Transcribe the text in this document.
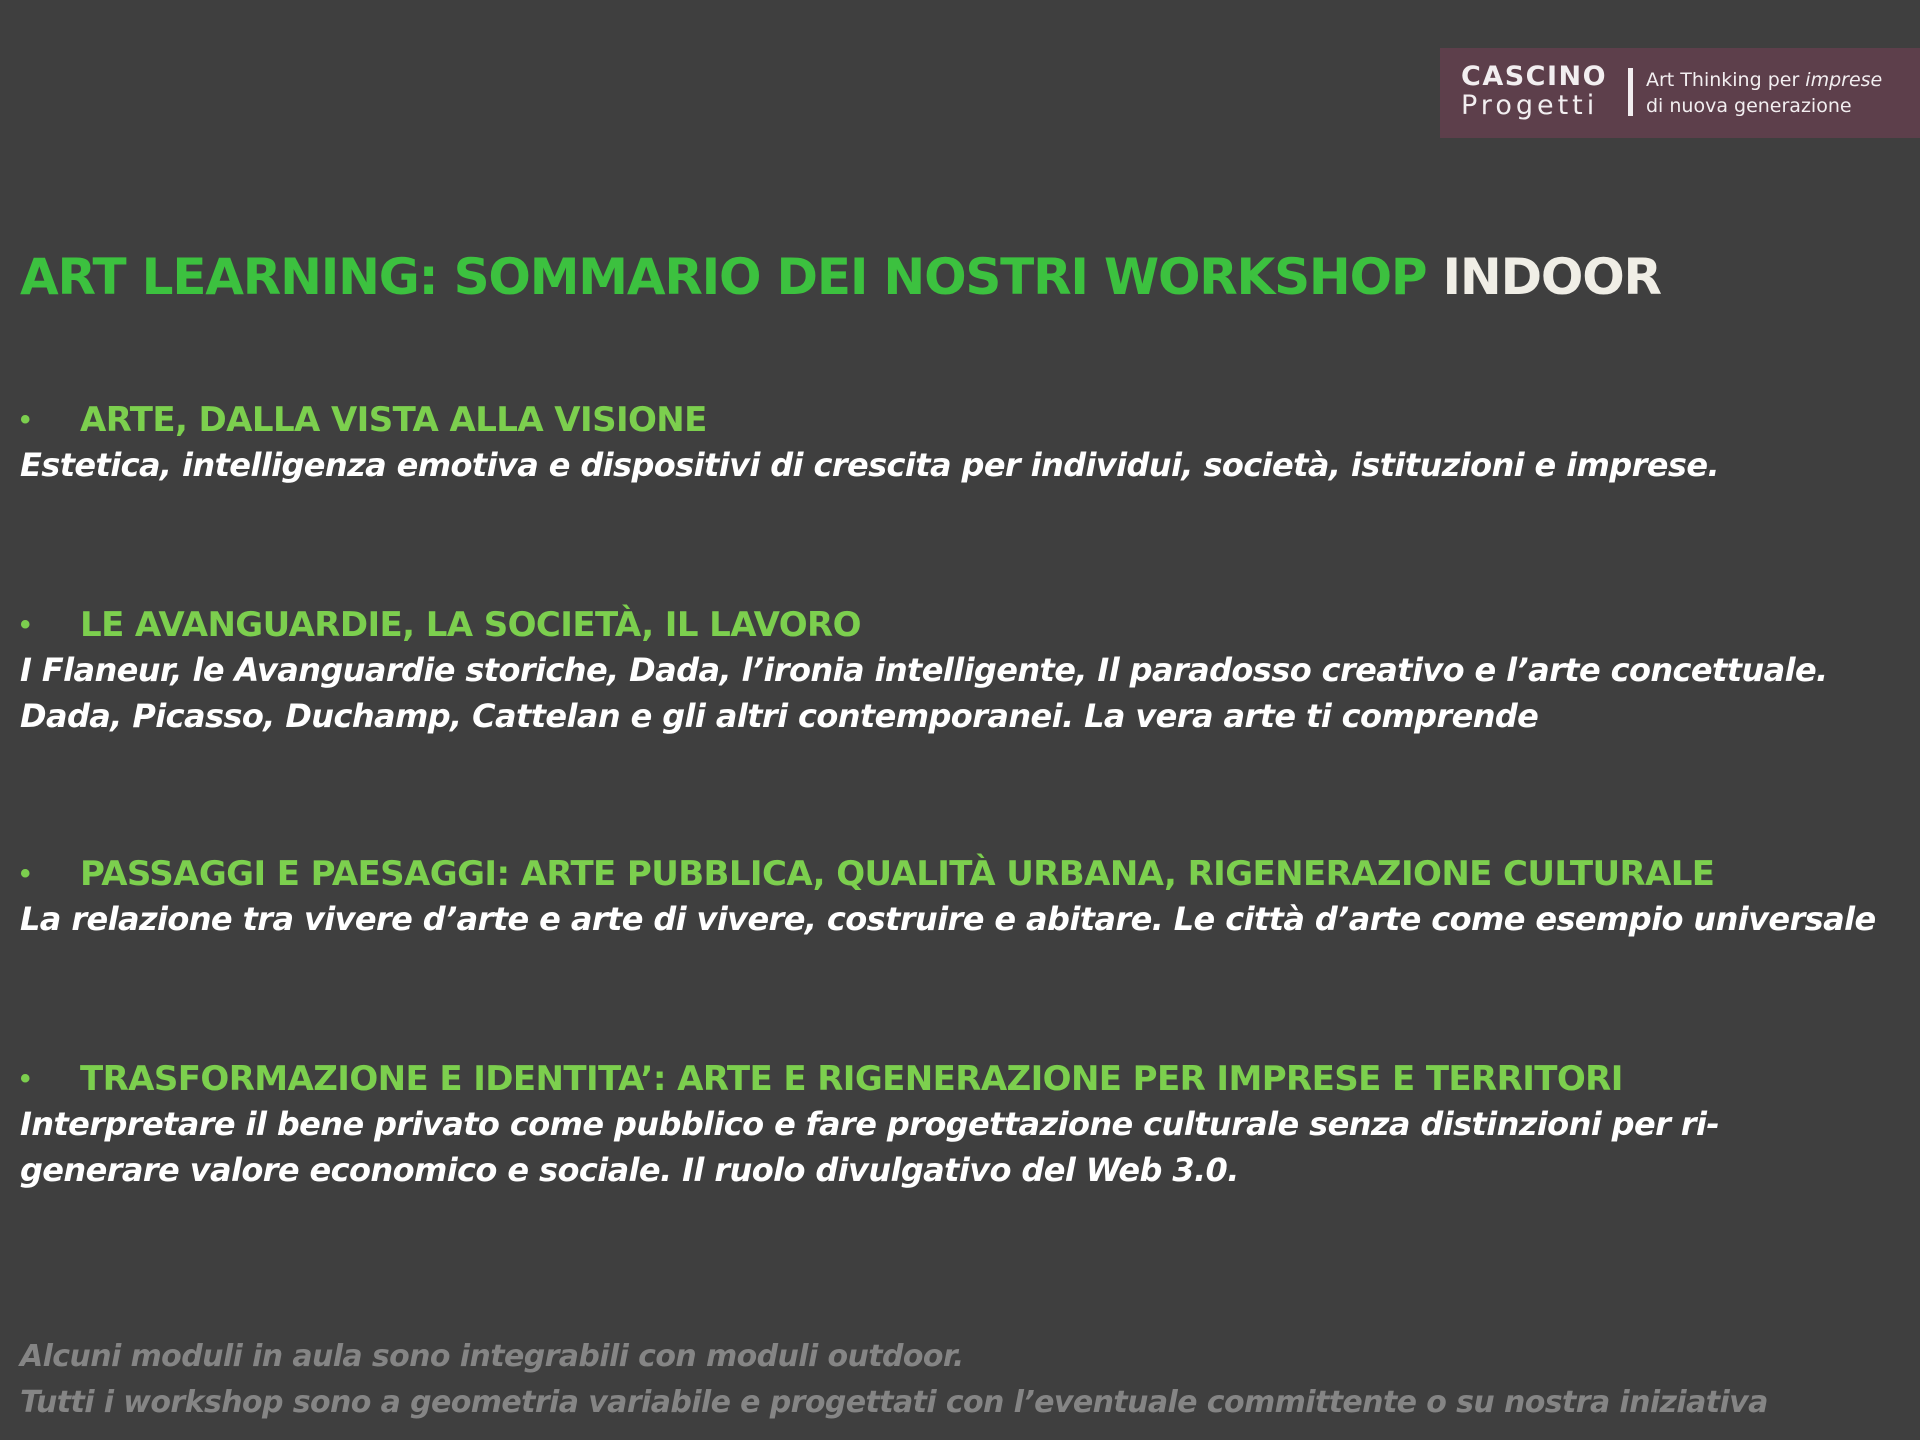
CASCINO
Progetti
Art Thinking per imprese
di nuova generazione
ART LEARNING: SOMMARIO DEI NOSTRI WORKSHOP INDOOR
• ARTE, DALLA VISTA ALLA VISIONE
Estetica, intelligenza emotiva e dispositivi di crescita per individui, società, istituzioni e imprese.
• LE AVANGUARDIE, LA SOCIETÀ, IL LAVORO
I Flaneur, le Avanguardie storiche, Dada, l’ironia intelligente, Il paradosso creativo e l’arte concettuale.
Dada, Picasso, Duchamp, Cattelan e gli altri contemporanei. La vera arte ti comprende
• PASSAGGI E PAESAGGI: ARTE PUBBLICA, QUALITÀ URBANA, RIGENERAZIONE CULTURALE
La relazione tra vivere d’arte e arte di vivere, costruire e abitare. Le città d’arte come esempio universale
• TRASFORMAZIONE E IDENTITA’: ARTE E RIGENERAZIONE PER IMPRESE E TERRITORI
Interpretare il bene privato come pubblico e fare progettazione culturale senza distinzioni per ri-
generare valore economico e sociale. Il ruolo divulgativo del Web 3.0.
Alcuni moduli in aula sono integrabili con moduli outdoor.
Tutti i workshop sono a geometria variabile e progettati con l’eventuale committente o su nostra iniziativa
